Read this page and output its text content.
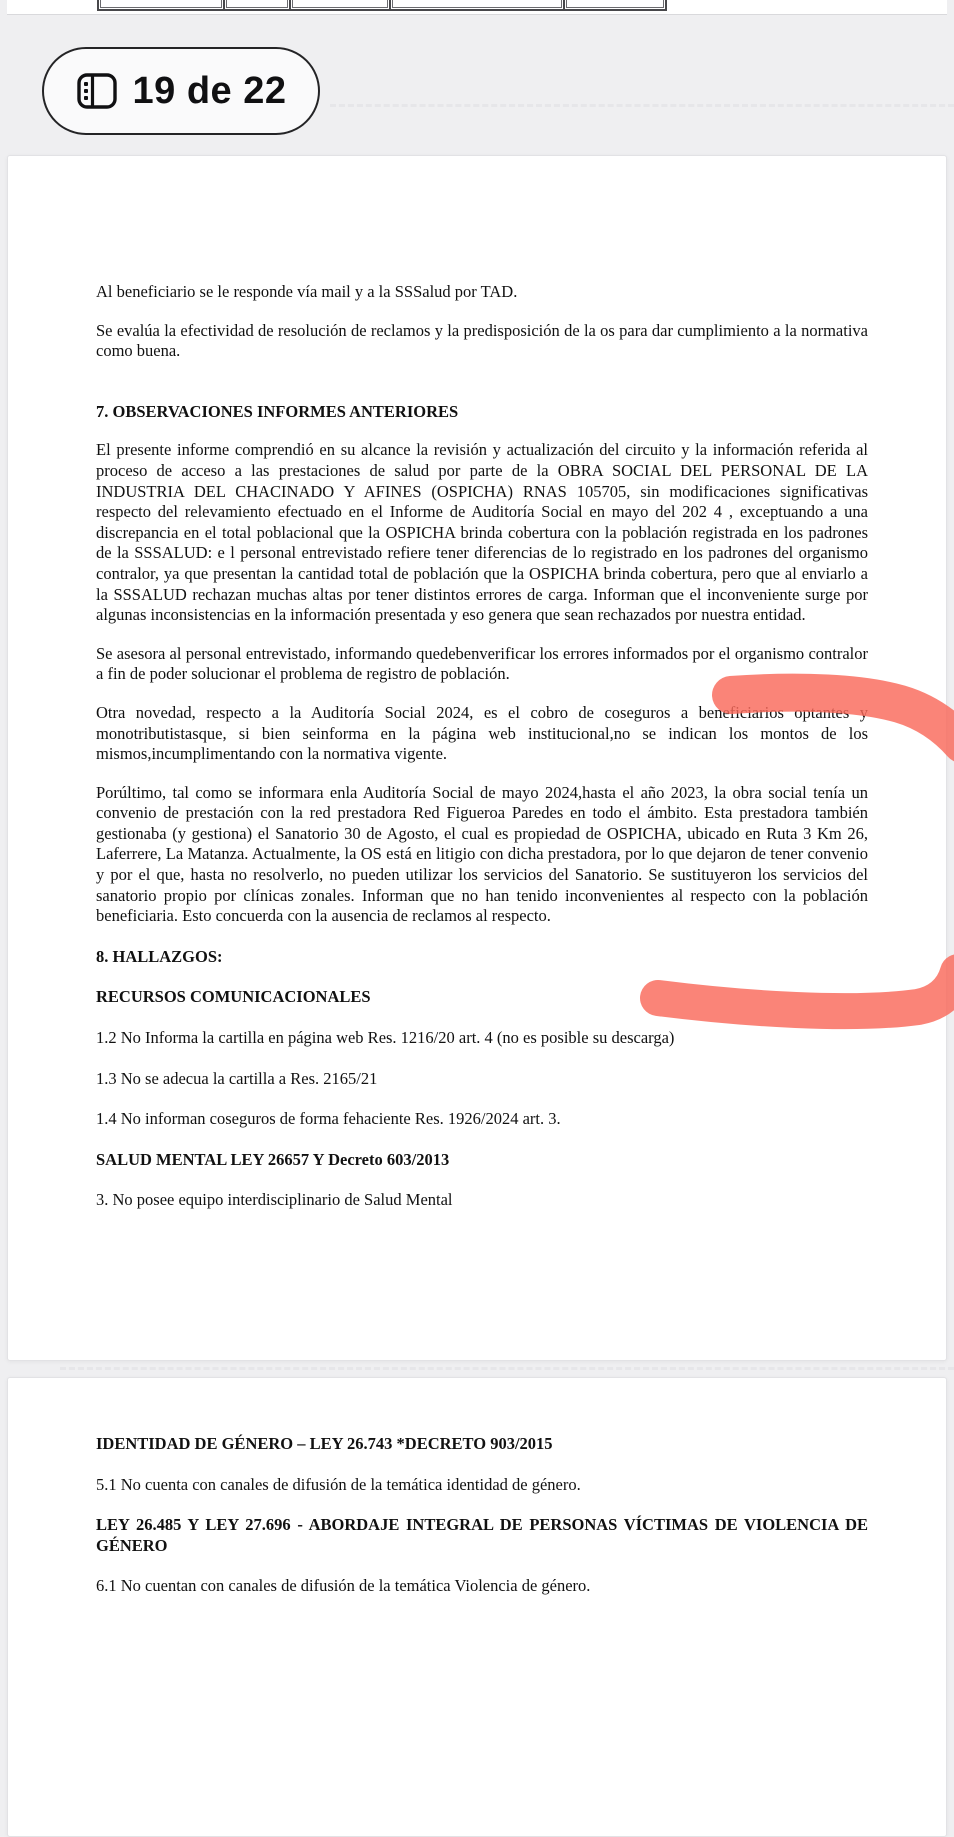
Al beneficiario se le responde vía mail y a la SSSalud por TAD.

Se evalúa la efectividad de resolución de reclamos y la predisposición de la os para dar cumplimiento a la normativa como buena.

7. OBSERVACIONES INFORMES ANTERIORES

El presente informe comprendió en su alcance la revisión y actualización del circuito y la información referida al proceso de acceso a las prestaciones de salud por parte de la OBRA SOCIAL DEL PERSONAL DE LA INDUSTRIA DEL CHACINADO Y AFINES (OSPICHA) RNAS 105705, sin modificaciones significativas respecto del relevamiento efectuado en el Informe de Auditoría Social en mayo del 202 4 , exceptuando a una discrepancia en el total poblacional que la OSPICHA brinda cobertura con la población registrada en los padrones de la SSSALUD: e l personal entrevistado refiere tener diferencias de lo registrado en los padrones del organismo contralor, ya que presentan la cantidad total de población que la OSPICHA brinda cobertura, pero que al enviarlo a la SSSALUD rechazan muchas altas por tener distintos errores de carga. Informan que el inconveniente surge por algunas inconsistencias en la información presentada y eso genera que sean rechazados por nuestra entidad.

Se asesora al personal entrevistado, informando quedebenverificar los errores informados por el organismo contralor a fin de poder solucionar el problema de registro de población.

Otra novedad, respecto a la Auditoría Social 2024, es el cobro de coseguros a beneficiarios optantes y monotributistasque, si bien seinforma en la página web institucional,no se indican los montos de los mismos,incumplimentando con la normativa vigente.

Porúltimo, tal como se informara enla Auditoría Social de mayo 2024,hasta el año 2023, la obra social tenía un convenio de prestación con la red prestadora Red Figueroa Paredes en todo el ámbito. Esta prestadora también gestionaba (y gestiona) el Sanatorio 30 de Agosto, el cual es propiedad de OSPICHA, ubicado en Ruta 3 Km 26, Laferrere, La Matanza. Actualmente, la OS está en litigio con dicha prestadora, por lo que dejaron de tener convenio y por el que, hasta no resolverlo, no pueden utilizar los servicios del Sanatorio. Se sustituyeron los servicios del sanatorio propio por clínicas zonales. Informan que no han tenido inconvenientes al respecto con la población beneficiaria. Esto concuerda con la ausencia de reclamos al respecto.

8. HALLAZGOS:

RECURSOS COMUNICACIONALES

1.2 No Informa la cartilla en página web Res. 1216/20 art. 4 (no es posible su descarga)

1.3 No se adecua la cartilla a Res. 2165/21

1.4 No informan coseguros de forma fehaciente Res. 1926/2024 art. 3.

SALUD MENTAL LEY 26657 Y Decreto 603/2013

3. No posee equipo interdisciplinario de Salud Mental

IDENTIDAD DE GÉNERO – LEY 26.743 *DECRETO 903/2015

5.1 No cuenta con canales de difusión de la temática identidad de género.

LEY 26.485 Y LEY 27.696 - ABORDAJE INTEGRAL DE PERSONAS VÍCTIMAS DE VIOLENCIA DE GÉNERO

6.1 No cuentan con canales de difusión de la temática Violencia de género.

19 de 22
